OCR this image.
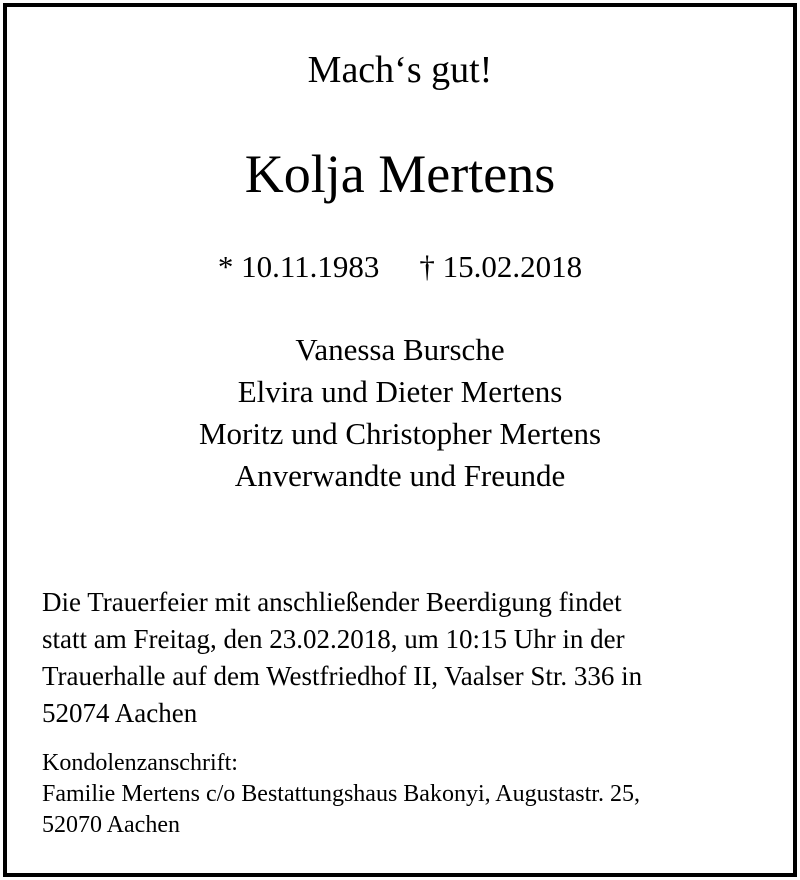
Mach‘s gut!
Kolja Mertens
* 10.11.1983 † 15.02.2018
Vanessa Bursche
Elvira und Dieter Mertens
Moritz und Christopher Mertens
Anverwandte und Freunde
Die Trauerfeier mit anschließender Beerdigung findet
statt am Freitag, den 23.02.2018, um 10:15 Uhr in der
Trauerhalle auf dem Westfriedhof II, Vaalser Str. 336 in
52074 Aachen
Kondolenzanschrift:
Familie Mertens c/o Bestattungshaus Bakonyi, Augustastr. 25,
52070 Aachen
